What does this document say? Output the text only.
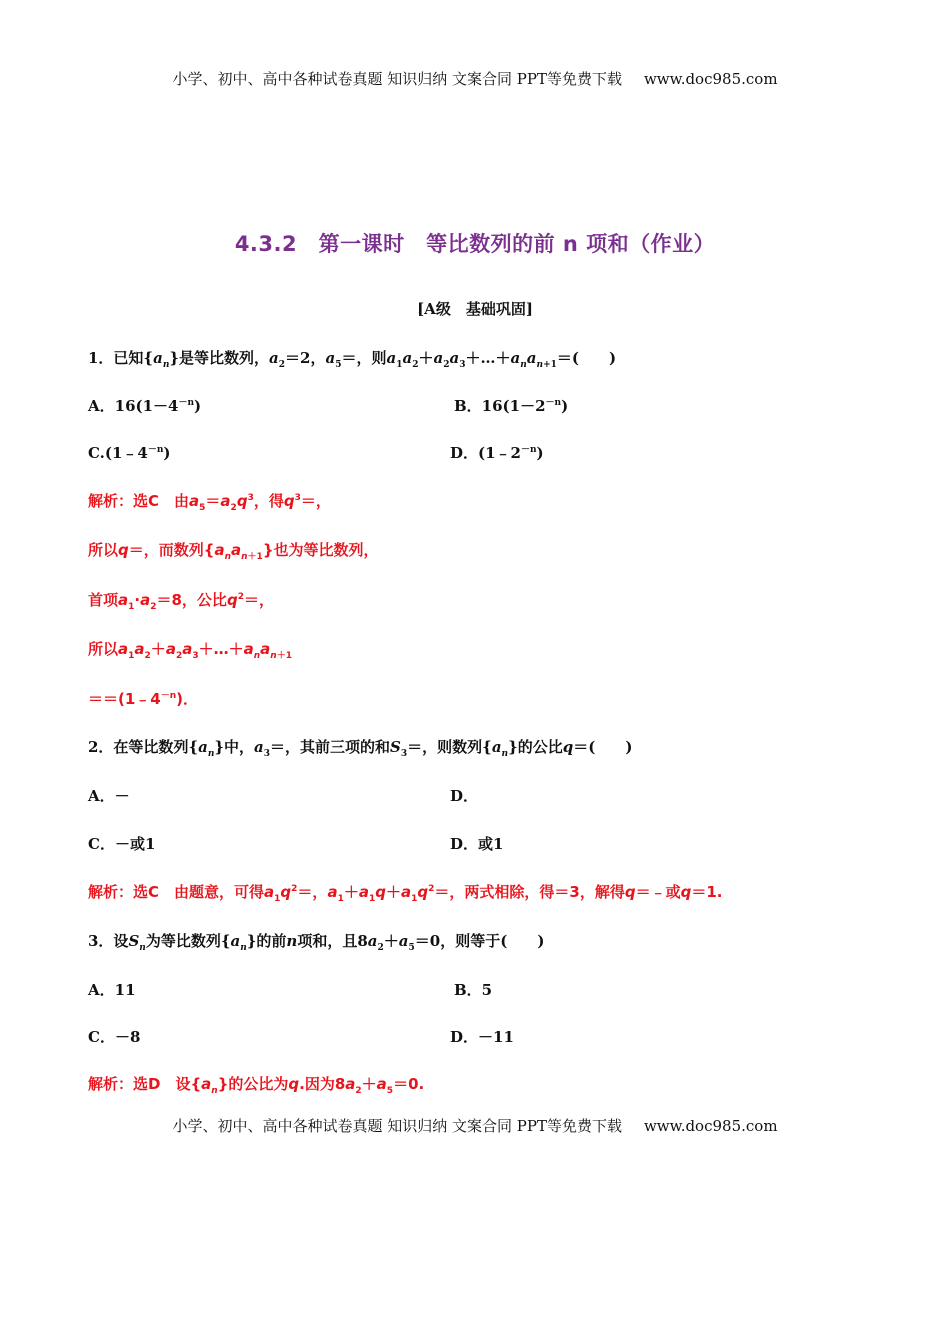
小学、初中、高中各种试卷真题 知识归纳 文案合同 PPT等免费下载 www.doc985.com
4.3.2　第一课时　等比数列的前 n 项和（作业）
[A级　基础巩固]
1．已知$\{a_n\}$是等比数列，$a_2=2$，$a_5=$，则$a_1a_2+a_2a_3+\dots+a_na_{n+1}=$(　　)
A．$16(1-4^{-n})$	B．$16(1-2^{-n})$
$C.(1﹣4^{-n})$	D．$(1﹣2^{-n})$
解析：选C　由$a_5=a_2q^3$，得$q^3=$，
所以q＝，而数列$\{a_na_{n+1}\}$也为等比数列，
首项$a_1\cdot a_2=8$，公比$q^2=$，
所以$a_1a_2+a_2a_3+\dots+a_na_{n+1}$
$==(1﹣4^{-n})$．
2．在等比数列$\{a_n\}$中，$a_3=$，其前三项的和$S_3=$，则数列$\{a_n\}$的公比q＝(　　)
A．－	D．
C．－或1	D．或1
解析：选C　由题意，可得$a_1q^2=$，$a_1+a_1q+a_1q^2=$，两式相除，得＝3，解得q＝﹣或q＝1.
3．设$S_n$为等比数列$\{a_n\}$的前n项和，且$8a_2+a_5=0$，则等于(　　)
A．11	B．5
C．－8	D．－11
解析：选D　设$\{a_n\}$的公比为q.因为$8a_2+a_5=0$.
小学、初中、高中各种试卷真题 知识归纳 文案合同 PPT等免费下载 www.doc985.com
